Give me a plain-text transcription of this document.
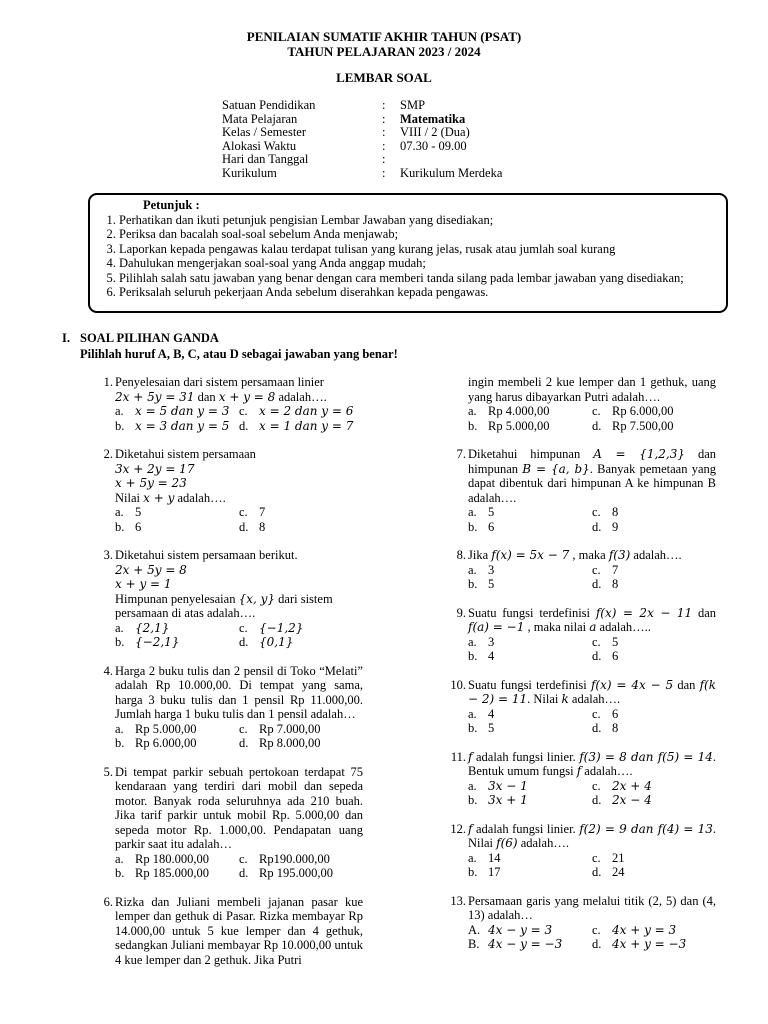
PENILAIAN SUMATIF AKHIR TAHUN (PSAT)
TAHUN PELAJARAN 2023 / 2024
LEMBAR SOAL
Satuan Pendidikan	: SMP
Mata Pelajaran	: Matematika
Kelas / Semester	: VIII / 2 (Dua)
Alokasi Waktu	: 07.30 - 09.00
Hari dan Tanggal	:
Kurikulum	: Kurikulum Merdeka
Petunjuk :
1. Perhatikan dan ikuti petunjuk pengisian Lembar Jawaban yang disediakan;
2. Periksa dan bacalah soal-soal sebelum Anda menjawab;
3. Laporkan kepada pengawas kalau terdapat tulisan yang kurang jelas, rusak atau jumlah soal kurang
4. Dahulukan mengerjakan soal-soal yang Anda anggap mudah;
5. Pilihlah salah satu jawaban yang benar dengan cara memberi tanda silang pada lembar jawaban yang disediakan;
6. Periksalah seluruh pekerjaan Anda sebelum diserahkan kepada pengawas.
I. SOAL PILIHAN GANDA
Pilihlah huruf A, B, C, atau D sebagai jawaban yang benar!
1. Penyelesaian dari sistem persamaan linier

2x + 5y = 31 dan x + y = 8 adalah….

a. x = 5 dan y = 3 c. x = 2 dan y = 6
b. x = 3 dan y = 5 d. x = 1 dan y = 7
2. Diketahui sistem persamaan

3x + 2y = 17

x + 5y = 23

Nilai x + y adalah….

a. 5	c. 7
b. 6	d. 8
3. Diketahui sistem persamaan berikut.

2x + 5y = 8

x + y = 1

Himpunan penyelesaian {x, y} dari sistem

persamaan di atas adalah….

a. {2,1}	c. {−1,2}
b. {−2,1}	d. {0,1}
4. Harga 2 buku tulis dan 2 pensil di Toko “Melati” adalah Rp 10.000,00. Di tempat yang sama, harga 3 buku tulis dan 1 pensil Rp 11.000,00. Jumlah harga 1 buku tulis dan 1 pensil adalah…

a. Rp 5.000,00	c. Rp 7.000,00
b. Rp 6.000,00	d. Rp 8.000,00
5. Di tempat parkir sebuah pertokoan terdapat 75 kendaraan yang terdiri dari mobil dan sepeda motor. Banyak roda seluruhnya ada 210 buah. Jika tarif parkir untuk mobil Rp. 5.000,00 dan sepeda motor Rp. 1.000,00. Pendapatan uang parkir saat itu adalah…

a. Rp 180.000,00	c. Rp190.000,00
b. Rp 185.000,00	d. Rp 195.000,00
6. Rizka dan Juliani membeli jajanan pasar kue lemper dan gethuk di Pasar. Rizka membayar Rp 14.000,00 untuk 5 kue lemper dan 4 gethuk, sedangkan Juliani membayar Rp 10.000,00 untuk 4 kue lemper dan 2 gethuk. Jika Putri

ingin membeli 2 kue lemper dan 1 gethuk, uang yang harus dibayarkan Putri adalah….

a. Rp 4.000,00	c. Rp 6.000,00
b. Rp 5.000,00	d. Rp 7.500,00
7. Diketahui himpunan A = {1,2,3} dan himpunan B = {a, b}. Banyak pemetaan yang dapat dibentuk dari himpunan A ke himpunan B adalah….

a. 5	c. 8
b. 6	d. 9
8. Jika f(x) = 5x − 7 , maka f(3) adalah….

a. 3	c. 7
b. 5	d. 8
9. Suatu fungsi terdefinisi f(x) = 2x − 11 dan f(a) = −1 , maka nilai a adalah…..

a. 3	c. 5
b. 4	d. 6
10. Suatu fungsi terdefinisi f(x) = 4x − 5 dan f(k − 2) = 11. Nilai k adalah….

a. 4	c. 6
b. 5	d. 8
11. f adalah fungsi linier. f(3) = 8 dan f(5) = 14. Bentuk umum fungsi f adalah….

a. 3x − 1	c. 2x + 4
b. 3x + 1	d. 2x − 4
12. f adalah fungsi linier. f(2) = 9 dan f(4) = 13. Nilai f(6) adalah….

a. 14	c. 21
b. 17	d. 24
13. Persamaan garis yang melalui titik (2, 5) dan (4, 13) adalah…

A. 4x − y = 3	c. 4x + y = 3
B. 4x − y = −3	d. 4x + y = −3
